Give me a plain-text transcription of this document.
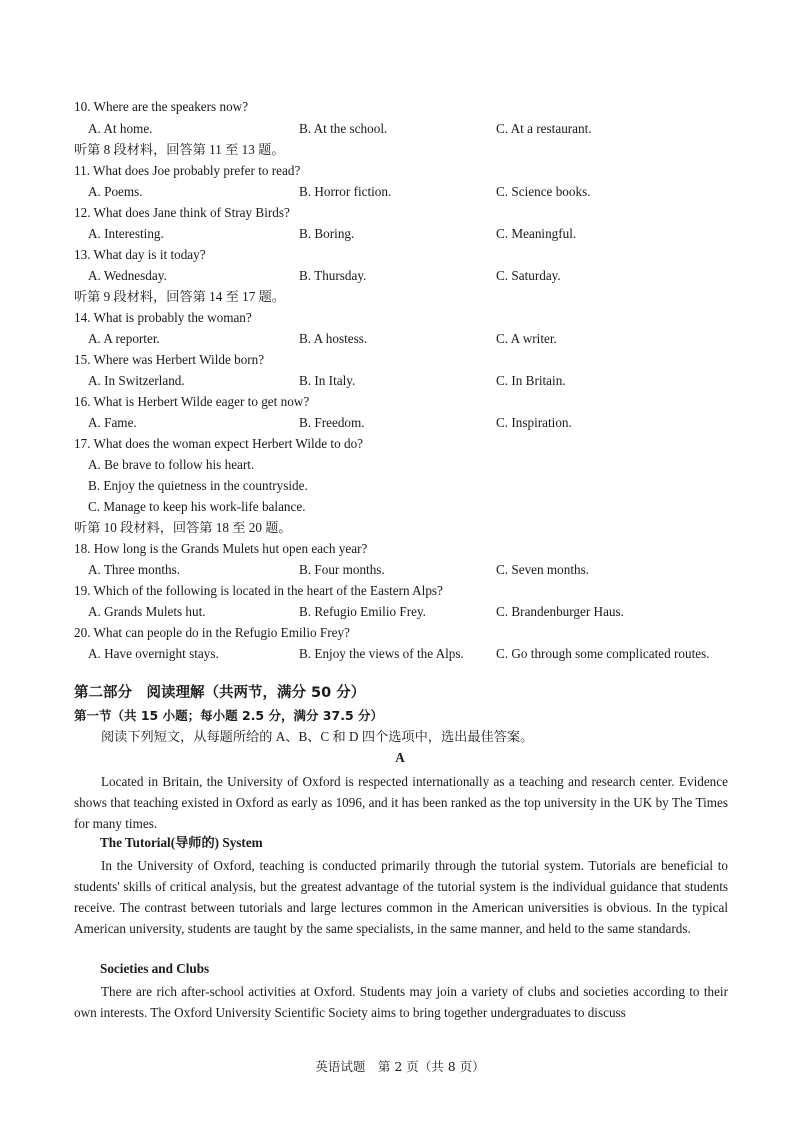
10. Where are the speakers now?
A. At home.	B. At the school.	C. At a restaurant.
听第 8 段材料，回答第 11 至 13 题。
11. What does Joe probably prefer to read?
A. Poems.	B. Horror fiction.	C. Science books.
12. What does Jane think of Stray Birds?
A. Interesting.	B. Boring.	C. Meaningful.
13. What day is it today?
A. Wednesday.	B. Thursday.	C. Saturday.
听第 9 段材料，回答第 14 至 17 题。
14. What is probably the woman?
A. A reporter.	B. A hostess.	C. A writer.
15. Where was Herbert Wilde born?
A. In Switzerland.	B. In Italy.	C. In Britain.
16. What is Herbert Wilde eager to get now?
A. Fame.	B. Freedom.	C. Inspiration.
17. What does the woman expect Herbert Wilde to do?
A. Be brave to follow his heart.
B. Enjoy the quietness in the countryside.
C. Manage to keep his work-life balance.
听第 10 段材料，回答第 18 至 20 题。
18. How long is the Grands Mulets hut open each year?
A. Three months.	B. Four months.	C. Seven months.
19. Which of the following is located in the heart of the Eastern Alps?
A. Grands Mulets hut.	B. Refugio Emilio Frey.	C. Brandenburger Haus.
20. What can people do in the Refugio Emilio Frey?
A. Have overnight stays.	B. Enjoy the views of the Alps. C. Go through some complicated routes.
第二部分　阅读理解（共两节，满分 50 分）
第一节（共 15 小题；每小题 2.5 分，满分 37.5 分）
阅读下列短文，从每题所给的 A、B、C 和 D 四个选项中，选出最佳答案。
A
Located in Britain, the University of Oxford is respected internationally as a teaching and research center. Evidence shows that teaching existed in Oxford as early as 1096, and it has been ranked as the top university in the UK by The Times for many times.
The Tutorial(导师的) System
In the University of Oxford, teaching is conducted primarily through the tutorial system. Tutorials are beneficial to students' skills of critical analysis, but the greatest advantage of the tutorial system is the individual guidance that students receive. The contrast between tutorials and large lectures common in the American universities is obvious. In the typical American university, students are taught by the same specialists, in the same manner, and held to the same standards.
Societies and Clubs
There are rich after-school activities at Oxford. Students may join a variety of clubs and societies according to their own interests. The Oxford University Scientific Society aims to bring together undergraduates to discuss
英语试题　第 2 页（共 8 页）
